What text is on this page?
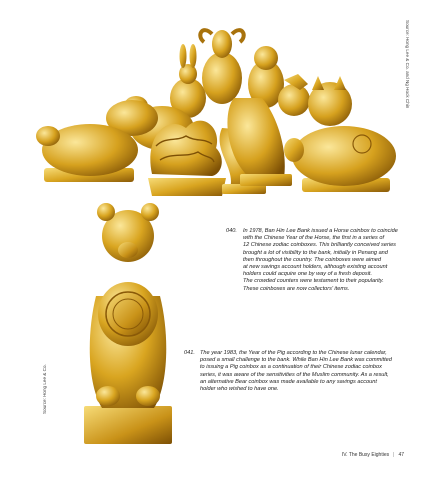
Source: Hong Lee & Co. and Ng Hock Chin
040. In 1978, Ban Hin Lee Bank issued a Horse coinbox to coincide
with the Chinese Year of the Horse, the first in a series of
12 Chinese zodiac coinboxes. This brilliantly conceived series
brought a lot of visibility to the bank, initially in Penang and
then throughout the country. The coinboxes were aimed
at new savings account holders, although existing account
holders could acquire one by way of a fresh deposit.
The crowded counters were testament to their popularity.
These coinboxes are now collectors’ items.
Source: Hong Lee & Co.
041. The year 1983, the Year of the Pig according to the Chinese lunar calendar,
posed a small challenge to the bank. While Ban Hin Lee Bank was committed
to issuing a Pig coinbox as a continuation of their Chinese zodiac coinbox
series, it was aware of the sensitivities of the Muslim community. As a result,
an alternative Bear coinbox was made available to any savings account
holder who wished to have one.
IV. The Busy Eighties | 47
